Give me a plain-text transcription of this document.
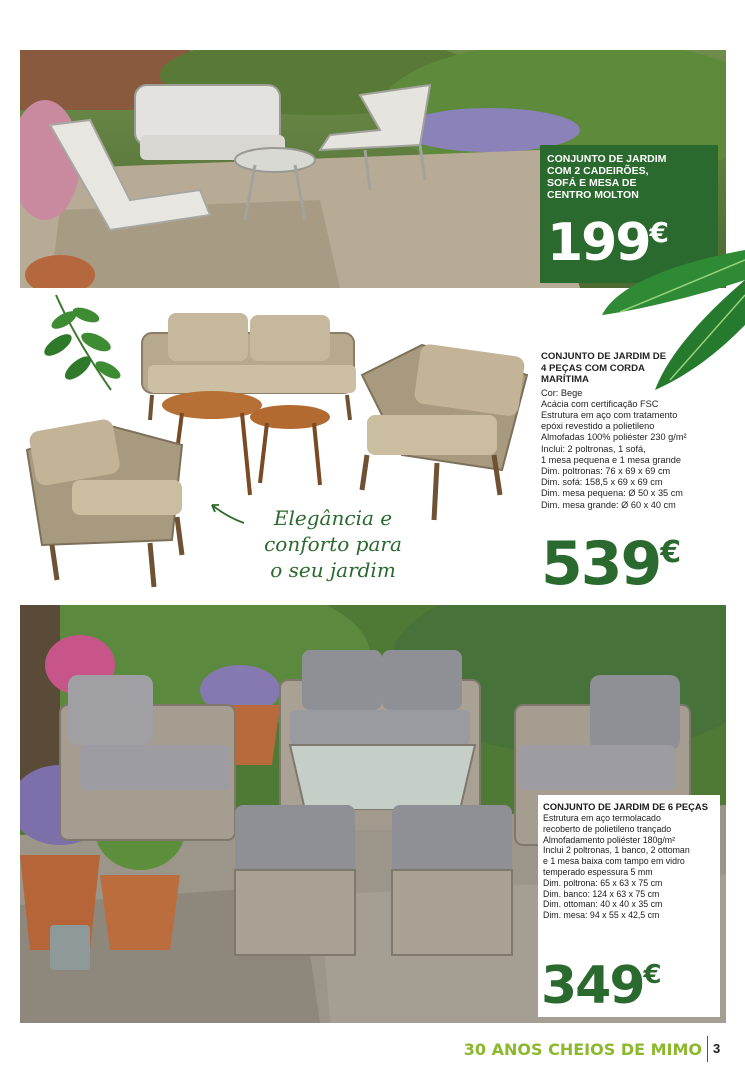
CONJUNTO DE JARDIM COM 2 CADEIRÕES, SOFÁ E MESA DE CENTRO MOLTON
199€
Elegância e
conforto para
o seu jardim
CONJUNTO DE JARDIM DE 4 PEÇAS COM CORDA MARÍTIMA
Cor: Bege
Acácia com certificação FSC
Estrutura em aço com tratamento
epóxi revestido a polietileno
Almofadas 100% poliéster 230 g/m²
Inclui: 2 poltronas, 1 sofá,
1 mesa pequena e 1 mesa grande
Dim. poltronas: 76 x 69 x 69 cm
Dim. sofá: 158,5 x 69 x 69 cm
Dim. mesa pequena: Ø 50 x 35 cm
Dim. mesa grande: Ø 60 x 40 cm
539€
CONJUNTO DE JARDIM DE 6 PEÇAS
Estrutura em aço termolacado
recoberto de polietileno trançado
Almofadamento poliéster 180g/m²
Inclui 2 poltronas, 1 banco, 2 ottoman
e 1 mesa baixa com tampo em vidro
temperado espessura 5 mm
Dim. poltrona: 65 x 63 x 75 cm
Dim. banco: 124 x 63 x 75 cm
Dim. ottoman: 40 x 40 x 35 cm
Dim. mesa: 94 x 55 x 42,5 cm
349€
30 ANOS CHEIOS DE MIMO 3
